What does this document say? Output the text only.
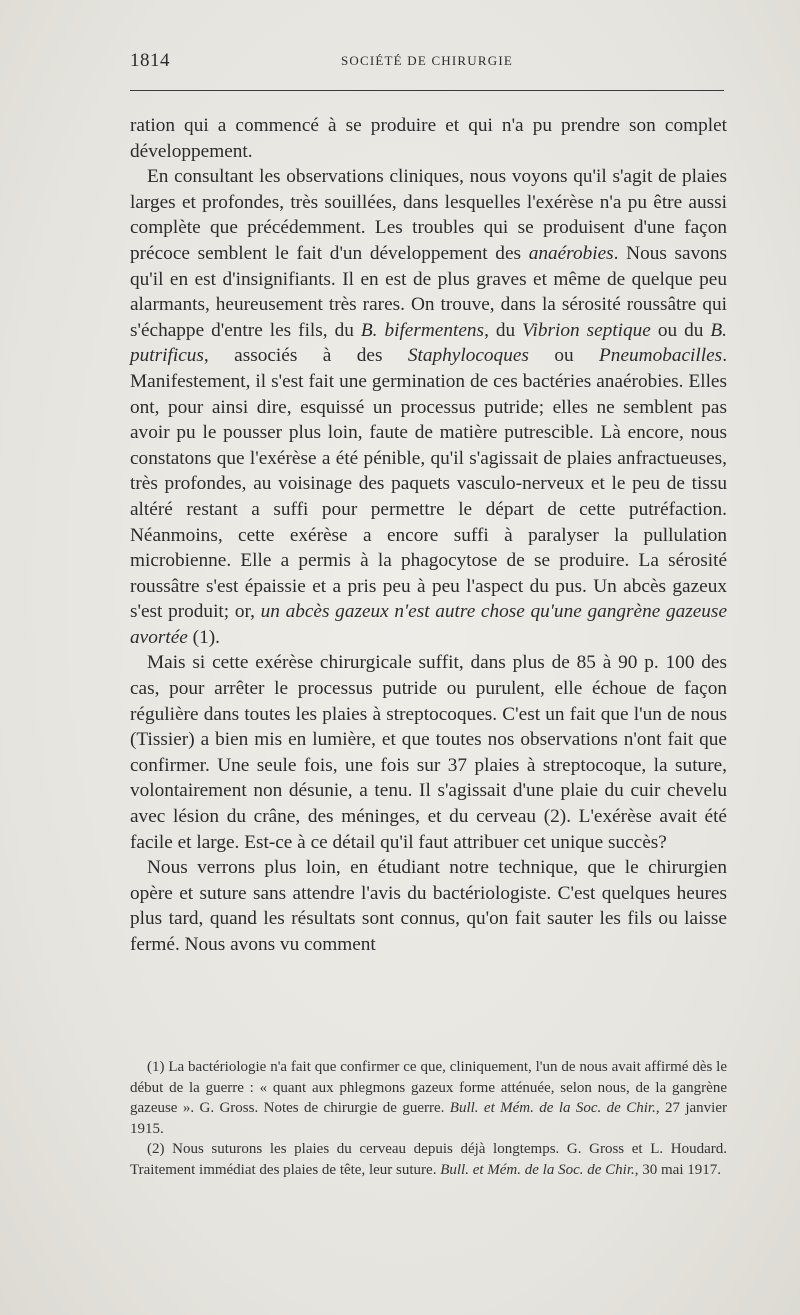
1814	SOCIÉTÉ DE CHIRURGIE

ration qui a commencé à se produire et qui n'a pu prendre son complet développement.

En consultant les observations cliniques, nous voyons qu'il s'agit de plaies larges et profondes, très souillées, dans lesquelles l'exérèse n'a pu être aussi complète que précédemment. Les troubles qui se produisent d'une façon précoce semblent le fait d'un développement des anaérobies. Nous savons qu'il en est d'insignifiants. Il en est de plus graves et même de quelque peu alarmants, heureusement très rares. On trouve, dans la sérosité roussâtre qui s'échappe d'entre les fils, du B. bifermentens, du Vibrion septique ou du B. putrificus, associés à des Staphylocoques ou Pneumobacilles. Manifestement, il s'est fait une germination de ces bactéries anaérobies. Elles ont, pour ainsi dire, esquissé un processus putride; elles ne semblent pas avoir pu le pousser plus loin, faute de matière putrescible. Là encore, nous constatons que l'exérèse a été pénible, qu'il s'agissait de plaies anfractueuses, très profondes, au voisinage des paquets vasculo-nerveux et le peu de tissu altéré restant a suffi pour permettre le départ de cette putréfaction. Néanmoins, cette exérèse a encore suffi à paralyser la pullulation microbienne. Elle a permis à la phagocytose de se produire. La sérosité roussâtre s'est épaissie et a pris peu à peu l'aspect du pus. Un abcès gazeux s'est produit; or, un abcès gazeux n'est autre chose qu'une gangrène gazeuse avortée (1).

Mais si cette exérèse chirurgicale suffit, dans plus de 85 à 90 p. 100 des cas, pour arrêter le processus putride ou purulent, elle échoue de façon régulière dans toutes les plaies à streptocoques. C'est un fait que l'un de nous (Tissier) a bien mis en lumière, et que toutes nos observations n'ont fait que confirmer. Une seule fois, une fois sur 37 plaies à streptocoque, la suture, volontairement non désunie, a tenu. Il s'agissait d'une plaie du cuir chevelu avec lésion du crâne, des méninges, et du cerveau (2). L'exérèse avait été facile et large. Est-ce à ce détail qu'il faut attribuer cet unique succès?

Nous verrons plus loin, en étudiant notre technique, que le chirurgien opère et suture sans attendre l'avis du bactériologiste. C'est quelques heures plus tard, quand les résultats sont connus, qu'on fait sauter les fils ou laisse fermé. Nous avons vu comment

(1) La bactériologie n'a fait que confirmer ce que, cliniquement, l'un de nous avait affirmé dès le début de la guerre : « quant aux phlegmons gazeux forme atténuée, selon nous, de la gangrène gazeuse ». G. Gross. Notes de chirurgie de guerre. Bull. et Mém. de la Soc. de Chir., 27 janvier 1915.

(2) Nous suturons les plaies du cerveau depuis déjà longtemps. G. Gross et L. Houdard. Traitement immédiat des plaies de tête, leur suture. Bull. et Mém. de la Soc. de Chir., 30 mai 1917.
